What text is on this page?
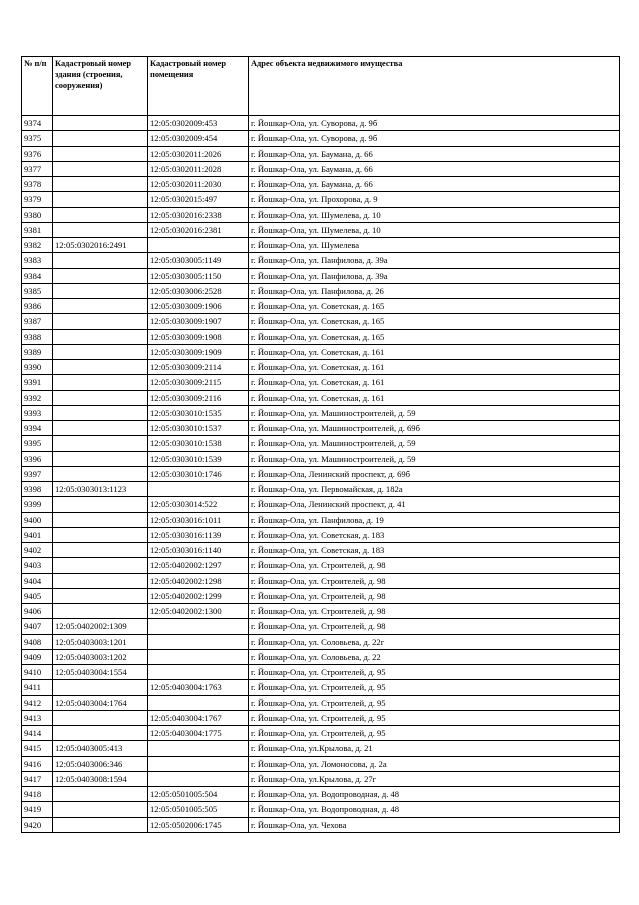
№ п/п	Кадастровый номер здания (строения, сооружения)	Кадастровый номер помещения	Адрес объекта недвижимого имущества
9374		12:05:0302009:453	г. Йошкар-Ола, ул. Суворова, д. 9б
9375		12:05:0302009:454	г. Йошкар-Ола, ул. Суворова, д. 9б
9376		12:05:0302011:2026	г. Йошкар-Ола, ул. Баумана, д. 66
9377		12:05:0302011:2028	г. Йошкар-Ола, ул. Баумана, д. 66
9378		12:05:0302011:2030	г. Йошкар-Ола, ул. Баумана, д. 66
9379		12:05:0302015:497	г. Йошкар-Ола, ул. Прохорова, д. 9
9380		12:05:0302016:2338	г. Йошкар-Ола, ул. Шумелева, д. 10
9381		12:05:0302016:2381	г. Йошкар-Ола, ул. Шумелева, д. 10
9382	12:05:0302016:2491		г. Йошкар-Ола, ул. Шумелева
9383		12:05:0303005:1149	г. Йошкар-Ола, ул. Панфилова, д. 39а
9384		12:05:0303005:1150	г. Йошкар-Ола, ул. Панфилова, д. 39а
9385		12:05:0303006:2528	г. Йошкар-Ола, ул. Панфилова, д. 26
9386		12:05:0303009:1906	г. Йошкар-Ола, ул. Советская, д. 165
9387		12:05:0303009:1907	г. Йошкар-Ола, ул. Советская, д. 165
9388		12:05:0303009:1908	г. Йошкар-Ола, ул. Советская, д. 165
9389		12:05:0303009:1909	г. Йошкар-Ола, ул. Советская, д. 161
9390		12:05:0303009:2114	г. Йошкар-Ола, ул. Советская, д. 161
9391		12:05:0303009:2115	г. Йошкар-Ола, ул. Советская, д. 161
9392		12:05:0303009:2116	г. Йошкар-Ола, ул. Советская, д. 161
9393		12:05:0303010:1535	г. Йошкар-Ола, ул. Машиностроителей, д. 59
9394		12:05:0303010:1537	г. Йошкар-Ола, ул. Машиностроителей, д. 69б
9395		12:05:0303010:1538	г. Йошкар-Ола, ул. Машиностроителей, д. 59
9396		12:05:0303010:1539	г. Йошкар-Ола, ул. Машиностроителей, д. 59
9397		12:05:0303010:1746	г. Йошкар-Ола, Ленинский проспект, д. 69б
9398	12:05:0303013:1123		г. Йошкар-Ола, ул. Первомайская, д. 182а
9399		12:05:0303014:522	г. Йошкар-Ола, Ленинский проспект, д. 41
9400		12:05:0303016:1011	г. Йошкар-Ола, ул. Панфилова, д. 19
9401		12:05:0303016:1139	г. Йошкар-Ола, ул. Советская, д. 183
9402		12:05:0303016:1140	г. Йошкар-Ола, ул. Советская, д. 183
9403		12:05:0402002:1297	г. Йошкар-Ола, ул. Строителей, д. 98
9404		12:05:0402002:1298	г. Йошкар-Ола, ул. Строителей, д. 98
9405		12:05:0402002:1299	г. Йошкар-Ола, ул. Строителей, д. 98
9406		12:05:0402002:1300	г. Йошкар-Ола, ул. Строителей, д. 98
9407	12:05:0402002:1309		г. Йошкар-Ола, ул. Строителей, д. 98
9408	12:05:0403003:1201		г. Йошкар-Ола, ул. Соловьева, д. 22г
9409	12:05:0403003:1202		г. Йошкар-Ола, ул. Соловьева, д. 22
9410	12:05:0403004:1554		г. Йошкар-Ола, ул. Строителей, д. 95
9411		12:05:0403004:1763	г. Йошкар-Ола, ул. Строителей, д. 95
9412	12:05:0403004:1764		г. Йошкар-Ола, ул. Строителей, д. 95
9413		12:05:0403004:1767	г. Йошкар-Ола, ул. Строителей, д. 95
9414		12:05:0403004:1775	г. Йошкар-Ола, ул. Строителей, д. 95
9415	12:05:0403005:413		г. Йошкар-Ола, ул.Крылова, д. 21
9416	12:05:0403006:346		г. Йошкар-Ола, ул. Ломоносова, д. 2а
9417	12:05:0403008:1594		г. Йошкар-Ола, ул.Крылова, д. 27г
9418		12:05:0501005:504	г. Йошкар-Ола, ул. Водопроводная, д. 48
9419		12:05:0501005:505	г. Йошкар-Ола, ул. Водопроводная, д. 48
9420		12:05:0502006:1745	г. Йошкар-Ола, ул. Чехова
